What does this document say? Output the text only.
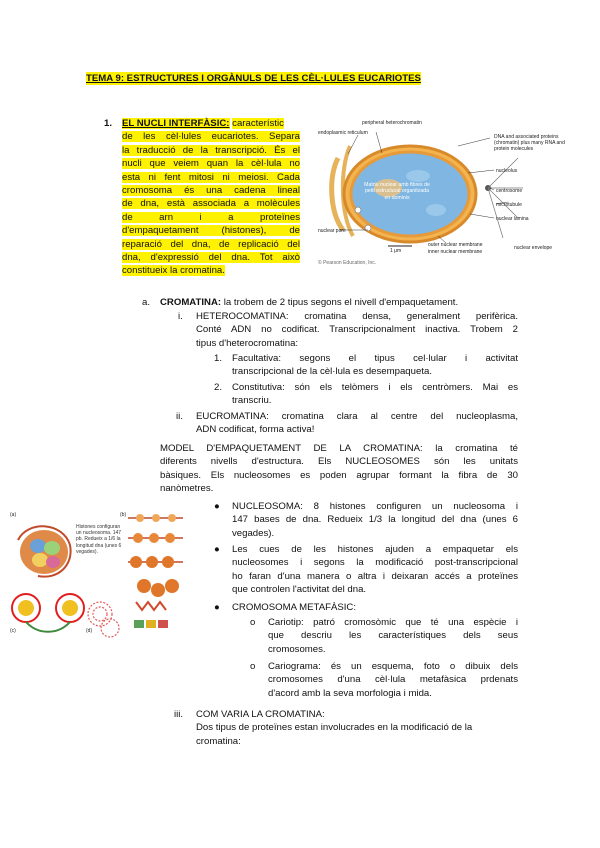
TEMA 9: ESTRUCTURES I ORGÀNULS DE LES CÈL·LULES EUCARIOTES
1. EL NUCLI INTERFÀSIC: característic
de les cèl·lules eucariotes. Separa
la traducció de la transcripció. És el
nucli que veiem quan la cèl·lula no
esta ni fent mitosi ni meiosi. Cada
cromosoma és una cadena lineal
de dna, està associada a molècules
de arn i a proteïnes
d'empaquetament (histones), de
reparació del dna, de replicació del
dna, d'expressió del dna. Tot això
constitueix la cromatina.
peripheral heterochromatin
endoplasmic reticulum
DNA and associated proteins (chromatin) plus many RNA and protein molecules
nucleolus
centrosome
microtubule
nuclear lamina
nuclear pore
outer nuclear membrane
inner nuclear membrane
nuclear envelope
1 μm
Matriu nuclear amb fibres de petit estructural organitzada en dominis
© Pearson Education, Inc.
a. CROMATINA: la trobem de 2 tipus segons el nivell d'empaquetament.
i. HETEROCOMATINA: cromatina densa, generalment perifèrica.
Conté ADN no codificat. Transcripcionalment inactiva. Trobem 2
tipus d'heterocromatina:
1. Facultativa: segons el tipus cel·lular i activitat
transcripcional de la cèl·lula es desempaqueta.
2. Constitutiva: són els telòmers i els centròmers. Mai es
transcriu.
ii. EUCROMATINA: cromatina clara al centre del nucleoplasma,
ADN codificat, forma activa!
MODEL D'EMPAQUETAMENT DE LA CROMATINA: la cromatina té
diferents nivells d'estructura. Els NUCLEOSOMES són les unitats
bàsiques. Els nucleosomes es poden agrupar formant la fibra de 30
nanòmetres.
● NUCLEOSOMA: 8 histones configuren un nucleosoma i
147 bases de dna. Redueix 1/3 la longitud del dna (unes 6
vegades).
● Les cues de les histones ajuden a empaquetar els
nucleosomes i segons la modificació post-transcripcional
ho faran d'una manera o altra i deixaran accés a proteïnes
que controlen l'activitat del dna.
● CROMOSOMA METAFÀSIC:
o Cariotip: patró cromosòmic que té una espècie i
que descriu les característiques dels seus
cromosomes.
o Cariograma: és un esquema, foto o dibuix dels
cromosomes d'una cèl·lula metafàsica prdenats
d'acord amb la seva morfologia i mida.
iii. COM VARIA LA CROMATINA:
Dos tipus de proteïnes estan involucrades en la modificació de la
cromatina:
Histones configuran
un nucleosoma. 147
pb. Redueix a 1/6 la
longitud dna (unes 6
vegades).
(a)	(b)
(c)	(d)
